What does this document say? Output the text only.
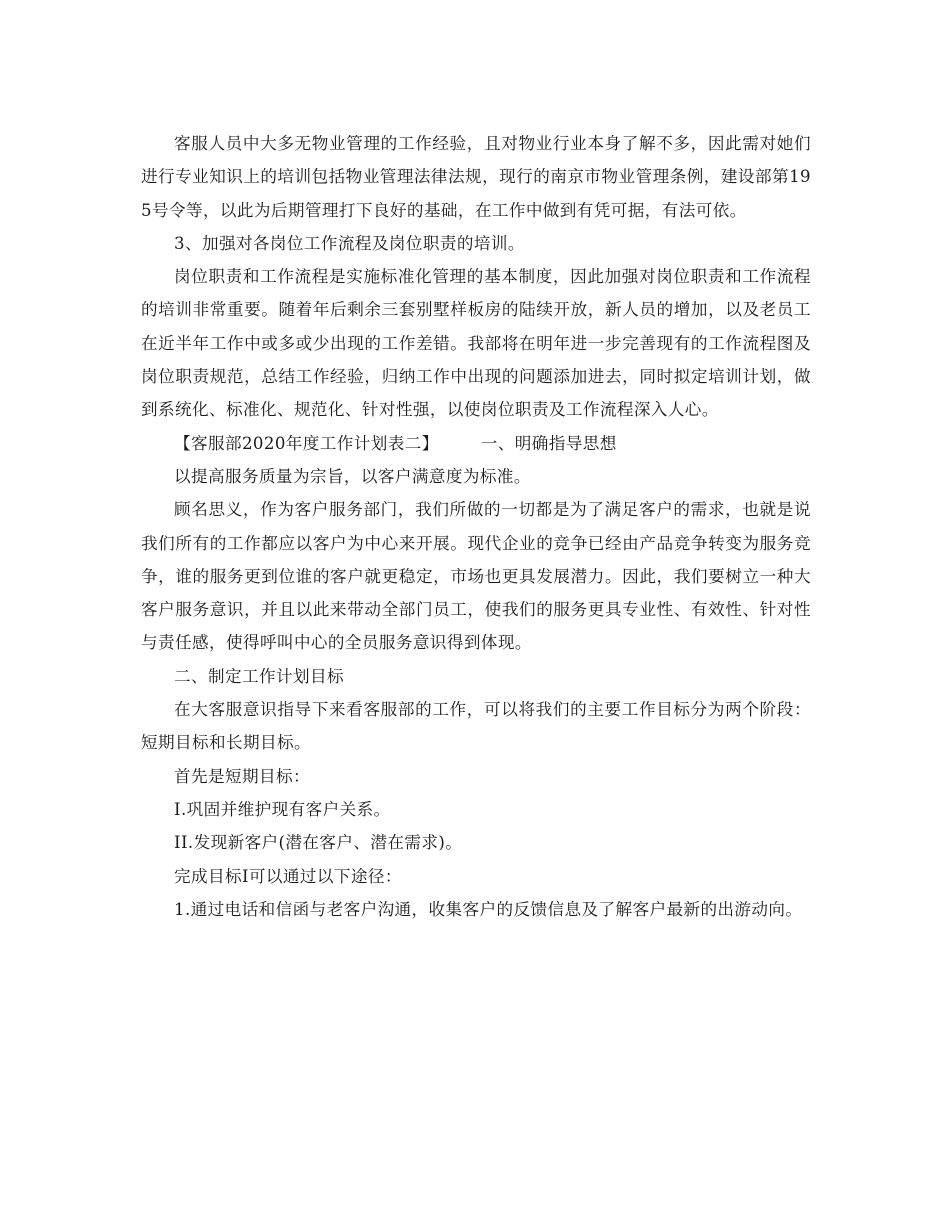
客服人员中大多无物业管理的工作经验，且对物业行业本身了解不多，因此需对她们进行专业知识上的培训包括物业管理法律法规，现行的南京市物业管理条例，建设部第195号令等，以此为后期管理打下良好的基础，在工作中做到有凭可据，有法可依。

3、加强对各岗位工作流程及岗位职责的培训。

岗位职责和工作流程是实施标准化管理的基本制度，因此加强对岗位职责和工作流程的培训非常重要。随着年后剩余三套别墅样板房的陆续开放，新人员的增加，以及老员工在近半年工作中或多或少出现的工作差错。我部将在明年进一步完善现有的工作流程图及岗位职责规范，总结工作经验，归纳工作中出现的问题添加进去，同时拟定培训计划，做到系统化、标准化、规范化、针对性强，以使岗位职责及工作流程深入人心。

【客服部2020年度工作计划表二】	一、明确指导思想

以提高服务质量为宗旨，以客户满意度为标准。

顾名思义，作为客户服务部门，我们所做的一切都是为了满足客户的需求，也就是说我们所有的工作都应以客户为中心来开展。现代企业的竞争已经由产品竞争转变为服务竞争，谁的服务更到位谁的客户就更稳定，市场也更具发展潜力。因此，我们要树立一种大客户服务意识，并且以此来带动全部门员工，使我们的服务更具专业性、有效性、针对性与责任感，使得呼叫中心的全员服务意识得到体现。

二、制定工作计划目标

在大客服意识指导下来看客服部的工作，可以将我们的主要工作目标分为两个阶段：短期目标和长期目标。

首先是短期目标：

I.巩固并维护现有客户关系。

II.发现新客户(潜在客户、潜在需求)。

完成目标I可以通过以下途径：

1.通过电话和信函与老客户沟通，收集客户的反馈信息及了解客户最新的出游动向。
